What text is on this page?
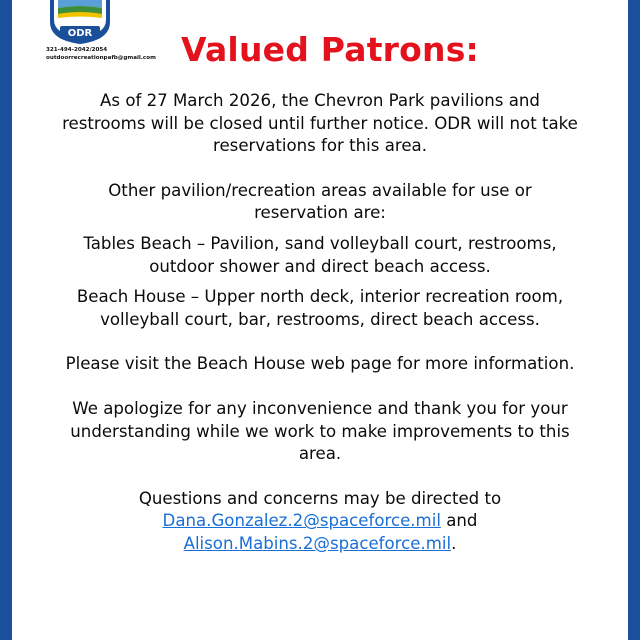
ODR
321-494-2042/2054
outdoorrecreationpafb@gmail.com Valued Patrons:

As of 27 March 2026, the Chevron Park pavilions and restrooms will be closed until further notice. ODR will not take reservations for this area.

Other pavilion/recreation areas available for use or reservation are:

Tables Beach – Pavilion, sand volleyball court, restrooms, outdoor shower and direct beach access.

Beach House – Upper north deck, interior recreation room, volleyball court, bar, restrooms, direct beach access.

Please visit the Beach House web page for more information.

We apologize for any inconvenience and thank you for your understanding while we work to make improvements to this area.

Questions and concerns may be directed to
Dana.Gonzalez.2@spaceforce.mil and
Alison.Mabins.2@spaceforce.mil.
